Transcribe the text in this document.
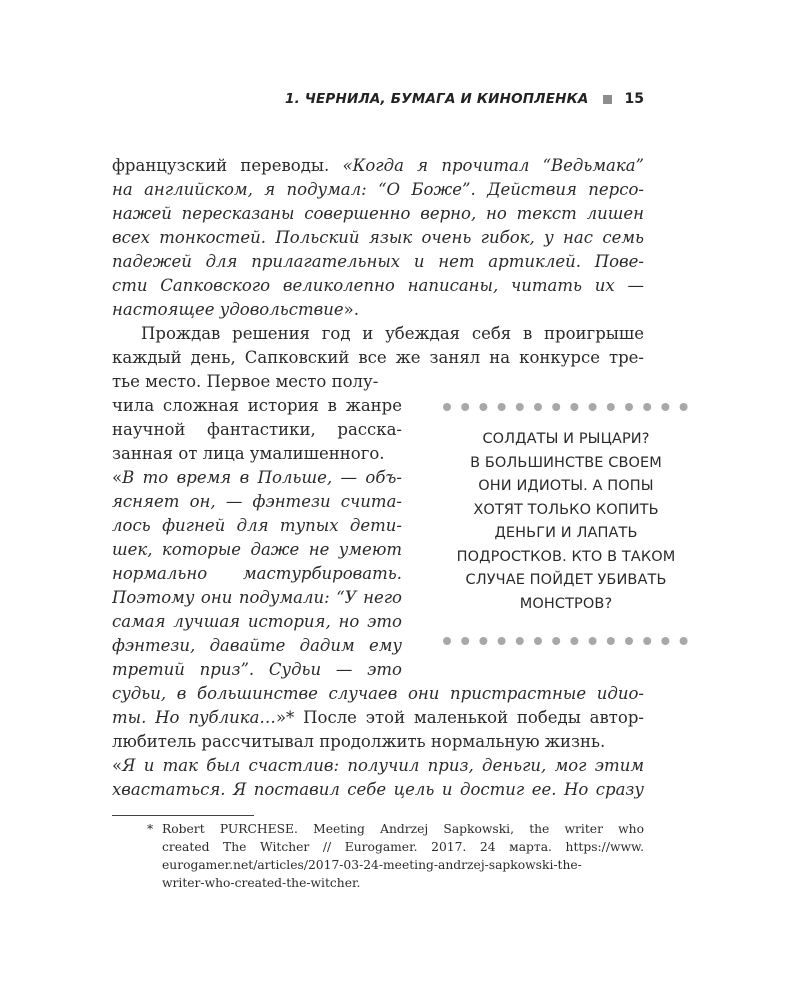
1. ЧЕРНИЛА, БУМАГА И КИНОПЛЕНКА	15
французский переводы. «Когда я прочитал “Ведьмака”
на английском, я подумал: “О Боже”. Действия персо-
нажей пересказаны совершенно верно, но текст лишен
всех тонкостей. Польский язык очень гибок, у нас семь
падежей для прилагательных и нет артиклей. Пове-
сти Сапковского великолепно написаны, читать их —
настоящее удовольствие».
Прождав решения год и убеждая себя в проигрыше
каждый день, Сапковский все же занял на конкурсе тре-
тье место. Первое место полу-
чила сложная история в жанре
научной фантастики, расска-
занная от лица умалишенного.
«В то время в Польше, — объ-
ясняет он, — фэнтези счита-
лось фигней для тупых дети-
шек, которые даже не умеют
нормально мастурбировать.
Поэтому они подумали: “У него
самая лучшая история, но это
фэнтези, давайте дадим ему
третий приз”. Судьи — это
судьи, в большинстве случаев они пристрастные идио-
ты. Но публика…»* После этой маленькой победы автор-
любитель рассчитывал продолжить нормальную жизнь.
«Я и так был счастлив: получил приз, деньги, мог этим
хвастаться. Я поставил себе цель и достиг ее. Но сразу
СОЛДАТЫ И РЫЦАРИ?
В БОЛЬШИНСТВЕ СВОЕМ
ОНИ ИДИОТЫ. А ПОПЫ
ХОТЯТ ТОЛЬКО КОПИТЬ
ДЕНЬГИ И ЛАПАТЬ
ПОДРОСТКОВ. КТО В ТАКОМ
СЛУЧАЕ ПОЙДЕТ УБИВАТЬ
МОНСТРОВ?
* Robert PURCHESE. Meeting Andrzej Sapkowski, the writer who
created The Witcher // Eurogamer. 2017. 24 марта. https://www.
eurogamer.net/articles/2017-03-24-meeting-andrzej-sapkowski-the-
writer-who-created-the-witcher.
